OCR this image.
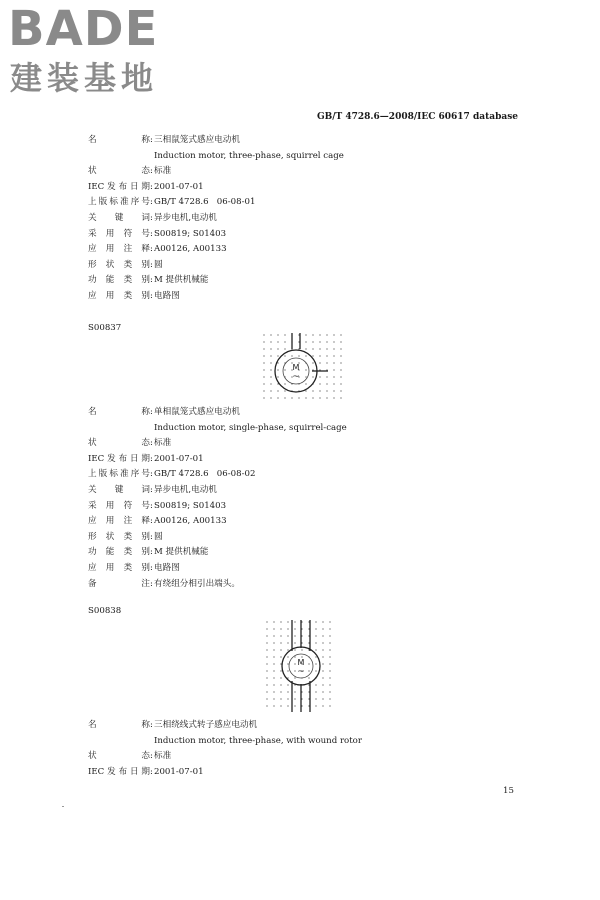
BADE
建装基地
GB/T 4728.6—2008/IEC 60617 database
名 称 : 三相鼠笼式感应电动机
Induction motor, three-phase, squirrel cage
状 态 : 标准
IEC发布日期 : 2001-07-01
上版标准序号 : GB/T 4728.6   06-08-01
关 键 词 : 异步电机,电动机
采 用 符 号 : S00819; S01403
应 用 注 释 : A00126, A00133
形 状 类 别 : 圆
功 能 类 别 : M 提供机械能
应 用 类 别 : 电路图
S00837
M
~
名 称 : 单相鼠笼式感应电动机
Induction motor, single-phase, squirrel-cage
状 态 : 标准
IEC发布日期 : 2001-07-01
上版标准序号 : GB/T 4728.6   06-08-02
关 键 词 : 异步电机,电动机
采 用 符 号 : S00819; S01403
应 用 注 释 : A00126, A00133
形 状 类 别 : 圆
功 能 类 别 : M 提供机械能
应 用 类 别 : 电路图
备 注 : 有绕组分相引出端头。
S00838
M
~
名 称 : 三相绕线式转子感应电动机
Induction motor, three-phase, with wound rotor
状 态 : 标准
IEC发布日期 : 2001-07-01
15
